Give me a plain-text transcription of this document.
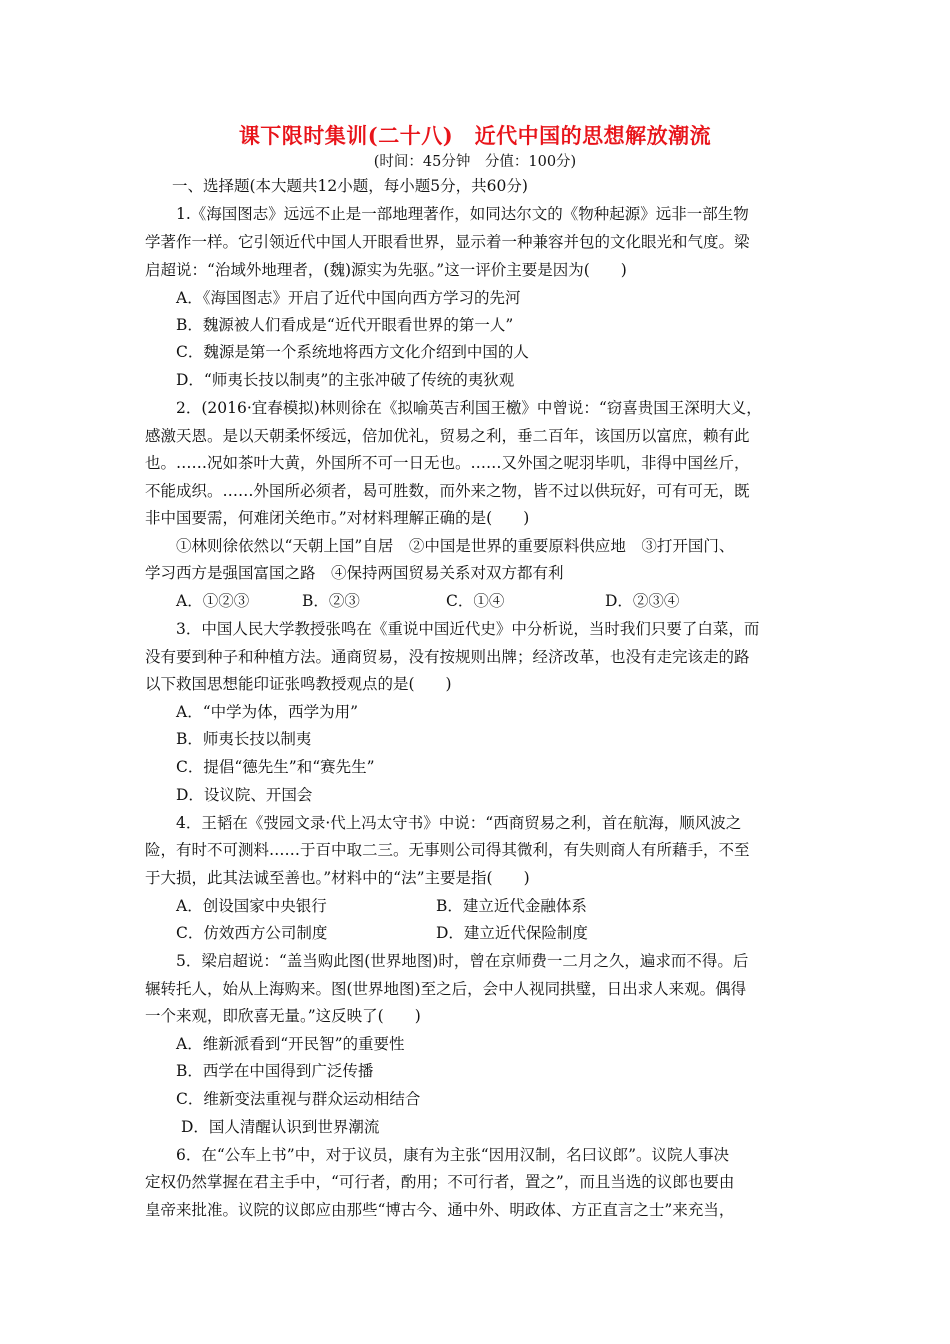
课下限时集训(二十八)　近代中国的思想解放潮流
(时间：45分钟　分值：100分)
一、选择题(本大题共12小题，每小题5分，共60分)
1.《海国图志》远远不止是一部地理著作，如同达尔文的《物种起源》远非一部生物
学著作一样。它引领近代中国人开眼看世界，显示着一种兼容并包的文化眼光和气度。梁
启超说：“治域外地理者，(魏)源实为先驱。”这一评价主要是因为(　　)
A．《海国图志》开启了近代中国向西方学习的先河
B．魏源被人们看成是“近代开眼看世界的第一人”
C．魏源是第一个系统地将西方文化介绍到中国的人
D．“师夷长技以制夷”的主张冲破了传统的夷狄观
2．(2016·宜春模拟)林则徐在《拟喻英吉利国王檄》中曾说：“窃喜贵国王深明大义，
感激天恩。是以天朝柔怀绥远，倍加优礼，贸易之利，垂二百年，该国历以富庶，赖有此
也。……况如茶叶大黄，外国所不可一日无也。……又外国之呢羽毕叽，非得中国丝斤，
不能成织。……外国所必须者，曷可胜数，而外来之物，皆不过以供玩好，可有可无，既
非中国要需，何难闭关绝市。”对材料理解正确的是(　　)
①林则徐依然以“天朝上国”自居　②中国是世界的重要原料供应地　③打开国门、
学习西方是强国富国之路　④保持两国贸易关系对双方都有利
A．①②③	B．②③	C．①④	D．②③④
3．中国人民大学教授张鸣在《重说中国近代史》中分析说，当时我们只要了白菜，而
没有要到种子和种植方法。通商贸易，没有按规则出牌；经济改革，也没有走完该走的路
以下救国思想能印证张鸣教授观点的是(　　)
A．“中学为体，西学为用”
B．师夷长技以制夷
C．提倡“德先生”和“赛先生”
D．设议院、开国会
4．王韬在《弢园文录·代上冯太守书》中说：“西商贸易之利，首在航海，顺风波之
险，有时不可测料……于百中取二三。无事则公司得其微利，有失则商人有所藉手，不至
于大损，此其法诚至善也。”材料中的“法”主要是指(　　)
A．创设国家中央银行	B．建立近代金融体系
C．仿效西方公司制度	D．建立近代保险制度
5．梁启超说：“盖当购此图(世界地图)时，曾在京师费一二月之久，遍求而不得。后
辗转托人，始从上海购来。图(世界地图)至之后，会中人视同拱璧，日出求人来观。偶得
一个来观，即欣喜无量。”这反映了(　　)
A．维新派看到“开民智”的重要性
B．西学在中国得到广泛传播
C．维新变法重视与群众运动相结合
D．国人清醒认识到世界潮流
6．在“公车上书”中，对于议员，康有为主张“因用汉制，名曰议郎”。议院人事决
定权仍然掌握在君主手中，“可行者，酌用；不可行者，置之”，而且当选的议郎也要由
皇帝来批准。议院的议郎应由那些“博古今、通中外、明政体、方正直言之士”来充当，
